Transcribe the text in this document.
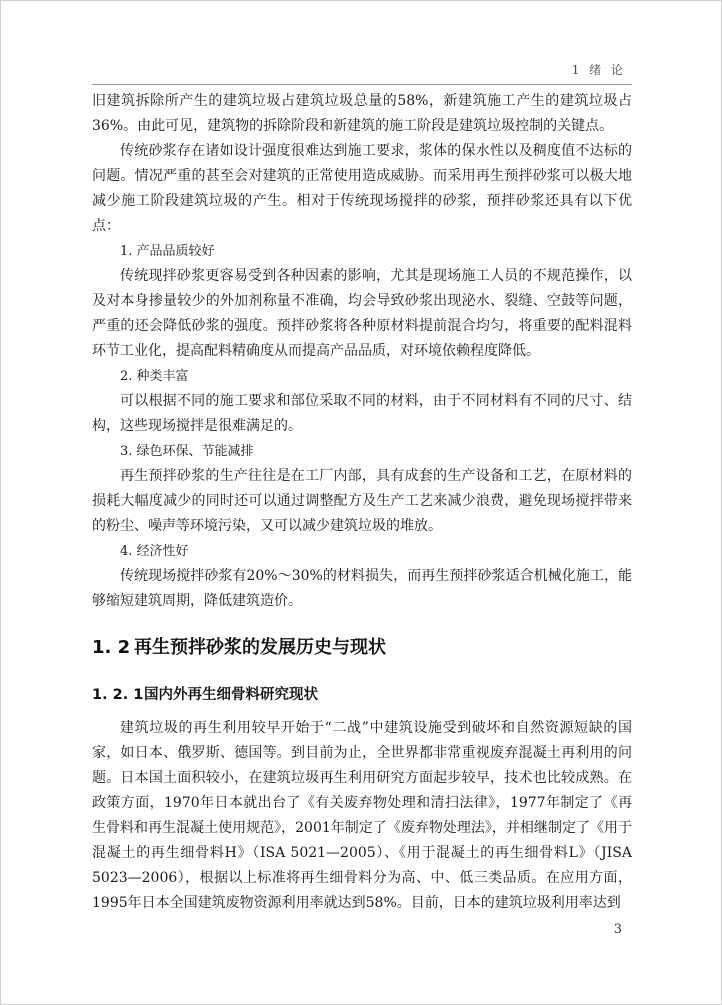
1 绪 论

旧建筑拆除所产生的建筑垃圾占建筑垃圾总量的58%，新建筑施工产生的建筑垃圾占36%。由此可见，建筑物的拆除阶段和新建筑的施工阶段是建筑垃圾控制的关键点。

传统砂浆存在诸如设计强度很难达到施工要求，浆体的保水性以及稠度值不达标的问题。情况严重的甚至会对建筑的正常使用造成威胁。而采用再生预拌砂浆可以极大地减少施工阶段建筑垃圾的产生。相对于传统现场搅拌的砂浆，预拌砂浆还具有以下优点：

1. 产品品质较好

传统现拌砂浆更容易受到各种因素的影响，尤其是现场施工人员的不规范操作，以及对本身掺量较少的外加剂称量不准确，均会导致砂浆出现泌水、裂缝、空鼓等问题，严重的还会降低砂浆的强度。预拌砂浆将各种原材料提前混合均匀，将重要的配料混料环节工业化，提高配料精确度从而提高产品品质，对环境依赖程度降低。

2. 种类丰富

可以根据不同的施工要求和部位采取不同的材料，由于不同材料有不同的尺寸、结构，这些现场搅拌是很难满足的。

3. 绿色环保、节能减排

再生预拌砂浆的生产往往是在工厂内部，具有成套的生产设备和工艺，在原材料的损耗大幅度减少的同时还可以通过调整配方及生产工艺来减少浪费，避免现场搅拌带来的粉尘、噪声等环境污染，又可以减少建筑垃圾的堆放。

4. 经济性好

传统现场搅拌砂浆有20%～30%的材料损失，而再生预拌砂浆适合机械化施工，能够缩短建筑周期，降低建筑造价。

1. 2 再生预拌砂浆的发展历史与现状
1. 2. 1国内外再生细骨料研究现状

建筑垃圾的再生利用较早开始于“二战”中建筑设施受到破坏和自然资源短缺的国家，如日本、俄罗斯、德国等。到目前为止，全世界都非常重视废弃混凝土再利用的问题。日本国土面积较小，在建筑垃圾再生利用研究方面起步较早，技术也比较成熟。在政策方面，1970年日本就出台了《有关废弃物处理和清扫法律》，1977年制定了《再生骨料和再生混凝土使用规范》，2001年制定了《废弃物处理法》，并相继制定了《用于混凝土的再生细骨料H》（ISA 5021—2005）、《用于混凝土的再生细骨料L》（JISA 5023—2006），根据以上标准将再生细骨料分为高、中、低三类品质。在应用方面，1995年日本全国建筑废物资源利用率就达到58%。目前，日本的建筑垃圾利用率达到

3
